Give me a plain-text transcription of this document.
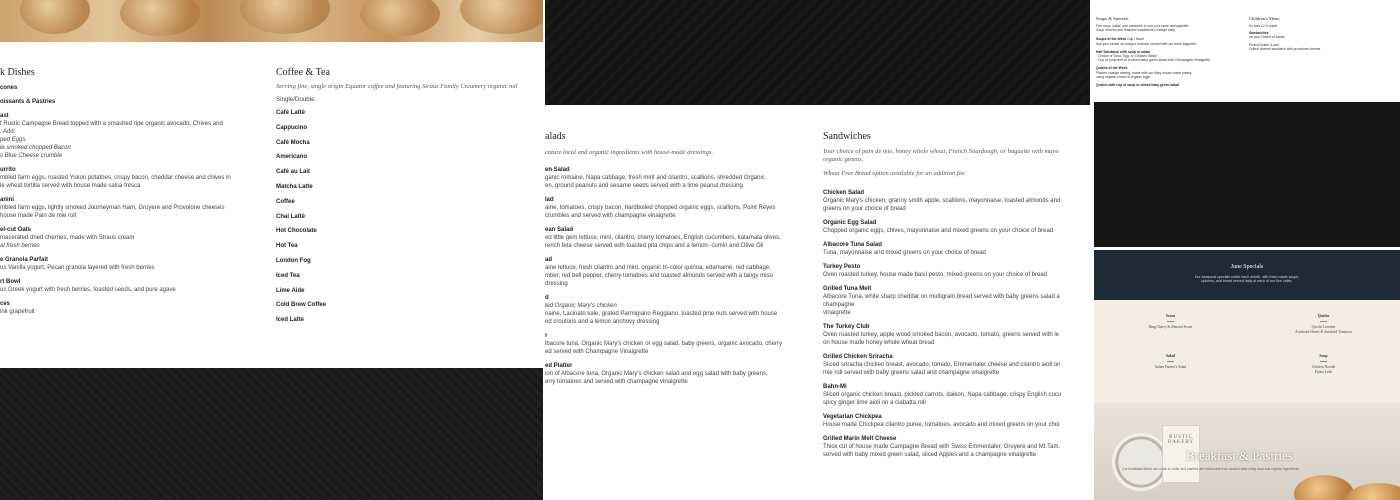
k Dishes
cones
oissants & Pastries
ast
f Rustic Campagne Bread topped with a smashed ripe organic avocado, Chives and
. Add:
ped Eggs
le smoked chopped Bacon
s Blue Cheese crumble
urrito
mbled farm eggs, roasted Yukon potatoes, crispy bacon, cheddar cheese and chives in
le wheat tortilla served with house made salsa fresca
anini
mbled farm eggs, lightly smoked Journeyman Ham, Gruyere and Provolone cheeses
house made Pain de mie roll
el-cut Oats
macerated dried cherries, made with Straus cream
al fresh berries
e Granola Parfait
us Vanilla yogurt, Pecan granola layered with fresh berries
rt Bowl
us Greek yogurt with fresh berries, toasted seeds, and pure agave
ces
ink grapefruit
Coffee & Tea
Serving fine, single origin Equator coffee and featuring Straus Family Creamery organic mil
Single/Double
Café Latté
Cappucino
Café Mocha
Americano
Café au Lait
Matcha Latte
Coffee
Chai Latté
Hot Chocolate
Hot Tea
London Fog
Iced Tea
Lime Aide
Cold Brew Coffee
Iced Latte
alads
eature local and organic ingredients with house-made dressings.
en Salad
ganic romaine, Napa cabbage, fresh mint and cilantro, scallions, shredded Organic
en, ground peanuts and sesame seeds served with a lime peanut dressing
lad
aine, tomatoes, crispy bacon, hardboiled chopped organic eggs, scallions, Point Reyes
crumbles and served with champagne vinaigrette
ean Salad
ed little gem lettuce, mint, cilantro, cherry tomatoes, English cucumbers, kalamata olives,
rench feta cheese served with toasted pita chips and a lemon- cumin and Olive Oil
ad
aine lettuce, fresh cilantro and mint, organic tri-color quinoa, edamame, red cabbage,
mber, red bell pepper, cherry tomatoes and toasted almonds served with a tangy miso
dressing
d
led Organic Mary's chicken
naine, Lacinato kale, grated Parmigiano Reggiano, toasted pine nuts served with house
ed croutons and a lemon anchovy dressing
r
lbacore tuna, Organic Mary's chicken or egg salad, baby greens, organic avocado, cherry
ed served with Champagne Vinaigrette
ed Platter
ion of Albacore tuna, Organic Mary's chicken salad and egg salad with baby greens,
erry tomatoes and served with champagne vinaigrette
Sandwiches
Your choice of pain de mie, honey whole wheat, French Sourdough, or baguette with mayo
organic greens.
Wheat Free Bread option available for an addition fee.
Chicken Salad
Organic Mary's chicken, granny smith apple, scallions, mayonnaise, toasted almonds and
greens on your choice of bread
Organic Egg Salad
Chopped organic eggs, chives, mayonnaise and mixed greens on your choice of bread
Albacore Tuna Salad
Tuna, mayonnaise and mixed greens on your choice of bread
Turkey Pesto
Oven roasted turkey, house made basil pesto, mixed greens on your choice of bread
Grilled Tuna Melt
Albacore Tuna, white sharp cheddar on multigrain bread served with baby greens salad a
champagne
vinaigrette
The Turkey Club
Oven roasted turkey, apple wood smoked bacon, avocado, tomato, greens served with le
on house made honey whole wheat bread
Grilled Chicken Sriracha
Sliced sriracha chicken breast, avocado, tomato, Emmentaler cheese and cilantro aioli on
mie roll served with baby greens salad and champagne vinaigrette
Bahn-Mi
Sliced organic chicken breast, pickled carrots, daikon, Napa cabbage, crispy English cucu
spicy ginger lime aioli on a ciabatta roll
Vegetarian Chickpea
House made Chickpea cilantro puree, tomatoes, avocado and mixed greens on your choi
Grilled Marin Melt Cheese
Thick cut of house made Campagne Bread with Swiss Emmentaler, Gruyere and Mt.Tam.
served with baby mixed green salad, sliced Apples and a champagne vinaigrette
Soups & Specials
Pair soup, salad, and sandwich to suit your taste and appetite.
Soup choices and featured sandwiches change daily.
Soups of the Week Cup / Bowl
Ask your server for today's choices, served with our fresh baguette.
Half Sandwich with soup or salad
· Choice of Tuna, Egg, or Chicken Salad
· Cup of soup and or a mixed baby green salad with Champagne Vinaigrette
Quiche of the Week
Flavors change weekly, made with our flaky house-made pastry,
using organic cream & organic eggs
Quiche with cup of soup or mixed baby green salad
Children's Menu
for kids 12 & under
Sandwiches
on your choice of bread
Peanut butter & jam
Grilled cheese sandwich with provolone cheese
June Specials
Our seasonal specials rotate each month, with fresh-made soups,
quiches, and bread served daily at each of our five cafés.
Scone
Bing Cherry & Almond Scone
Quiche
Quiche Lorraine
Artichoke Hearts & Sundried Tomatoes
Salad
Italian Farmer's Salad
Soup
Chicken Noodle
Potato Leek
RUSTIC BAKERY
Breakfast & Pastries
Our breakfast dishes are made to order and pastries are handmade from scratch daily using local and organic ingredients.
